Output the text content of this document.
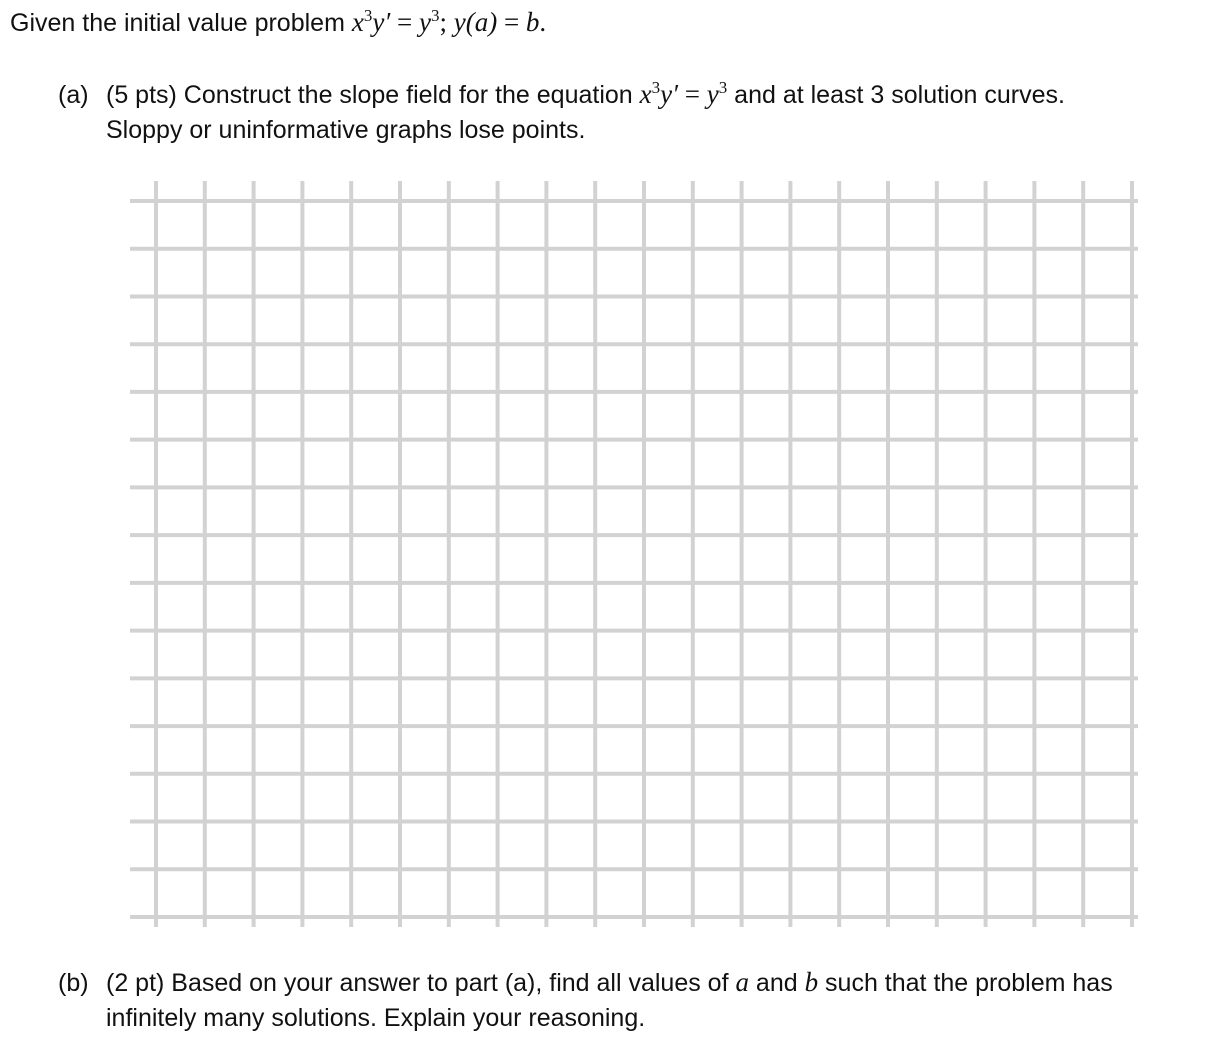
Given the initial value problem $x^3y' = y^3$; y(a) = b.
(a) (5 pts) Construct the slope field for the equation $x^3y' = y^3$ and at least 3 solution curves.
Sloppy or uninformative graphs lose points.
(b) (2 pt) Based on your answer to part (a), find all values of a and b such that the problem has
infinitely many solutions. Explain your reasoning.
